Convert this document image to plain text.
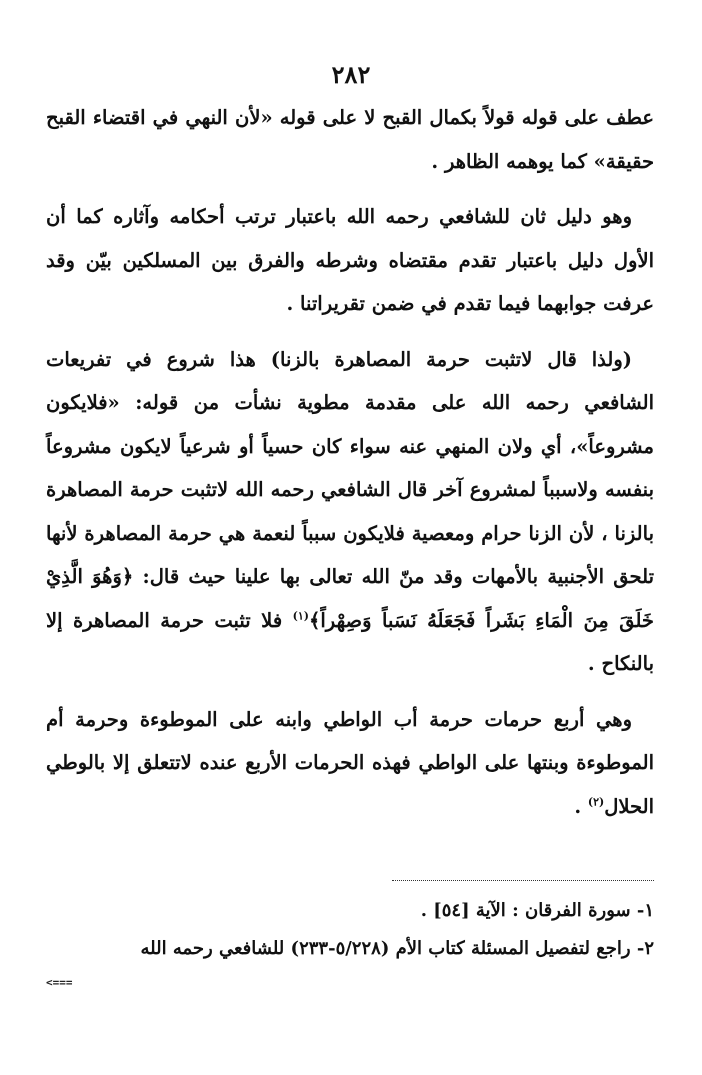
٢٨٢

عطف على قوله قولاً بكمال القبح لا على قوله «لأن النهي في اقتضاء القبح حقيقة» كما يوهمه الظاهر .

وهو دليل ثان للشافعي رحمه الله باعتبار ترتب أحكامه وآثاره كما أن الأول دليل باعتبار تقدم مقتضاه وشرطه والفرق بين المسلكين بيّن وقد عرفت جوابهما فيما تقدم في ضمن تقريراتنا .

(ولذا قال لاتثبت حرمة المصاهرة بالزنا) هذا شروع في تفريعات الشافعي رحمه الله على مقدمة مطوية نشأت من قوله: «فلايكون مشروعاً»، أي ولان المنهي عنه سواء كان حسياً أو شرعياً لايكون مشروعاً بنفسه ولاسبباً لمشروع آخر قال الشافعي رحمه الله لاتثبت حرمة المصاهرة بالزنا ، لأن الزنا حرام ومعصية فلايكون سبباً لنعمة هي حرمة المصاهرة لأنها تلحق الأجنبية بالأمهات وقد منّ الله تعالى بها علينا حيث قال: ﴿وَهُوَ الَّذِيْ خَلَقَ مِنَ الْمَاءِ بَشَراً فَجَعَلَهُ نَسَباً وَصِهْراً﴾$^{(١)}$ فلا تثبت حرمة المصاهرة إلا بالنكاح .

وهي أربع حرمات حرمة أب الواطي وابنه على الموطوءة وحرمة أم الموطوءة وبنتها على الواطي فهذه الحرمات الأربع عنده لاتتعلق إلا بالوطي الحلال$^{(٢)}$ .

١- سورة الفرقان : الآية [٥٤] .

٢- راجع لتفصيل المسئلة كتاب الأم (٥/٢٢٨-٢٣٣) للشافعي رحمه الله

<===
